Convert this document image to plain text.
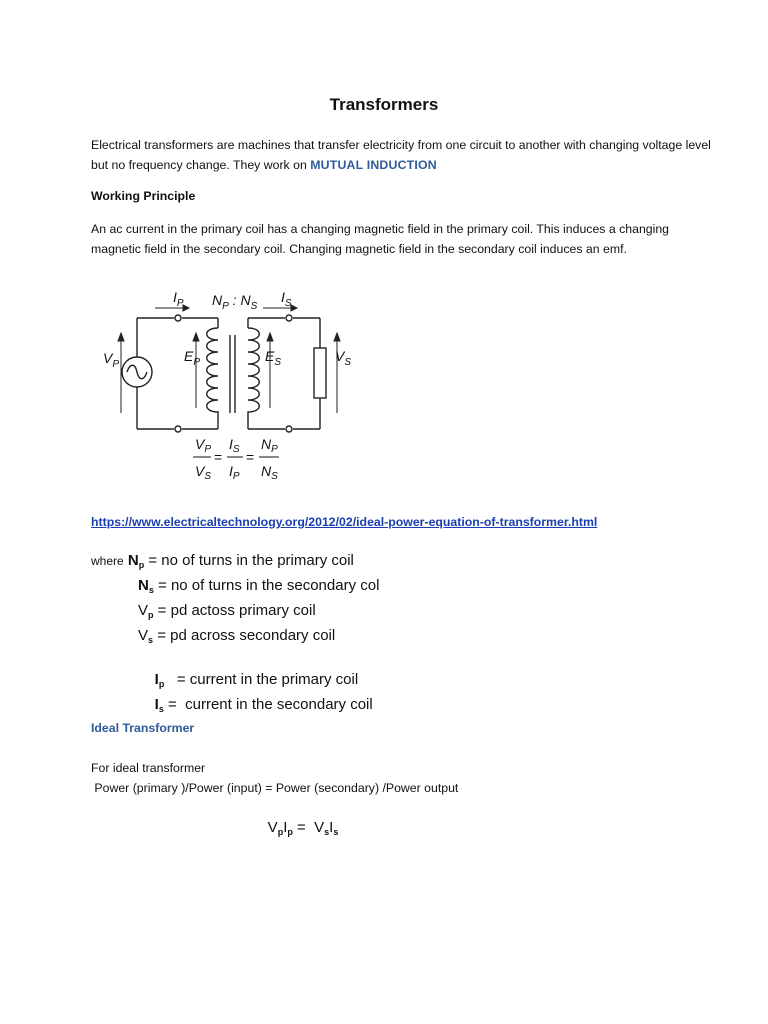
Transformers
Electrical transformers are machines that transfer electricity from one circuit to another with changing voltage level but no frequency change. They work on MUTUAL INDUCTION
Working Principle
An ac current in the primary coil has a changing magnetic field in the primary coil. This induces a changing magnetic field in the secondary coil. Changing magnetic field in the secondary coil induces an emf.
$I_P$	$I_S$
$N_P$ : $N_S$
$V_P$
$E_P$	$E_S$	$V_S$
$V_P$
$V_S$
=
$I_S$
$I_P$
=
$N_P$
$N_S$
https://www.electricaltechnology.org/2012/02/ideal-power-equation-of-transformer.html
where $N_p$ = no of turns in the primary coil
$N_s$ = no of turns in the secondary col
$V_p$ = pd actoss primary coil
$V_s$ = pd across secondary coil

$I_p$   = current in the primary coil

$I_s$ =  current in the secondary coil

Ideal Transformer
For ideal transformer
Power (primary )/Power (input) = Power (secondary) /Power output

$V_pI_p = V_sI_s$
